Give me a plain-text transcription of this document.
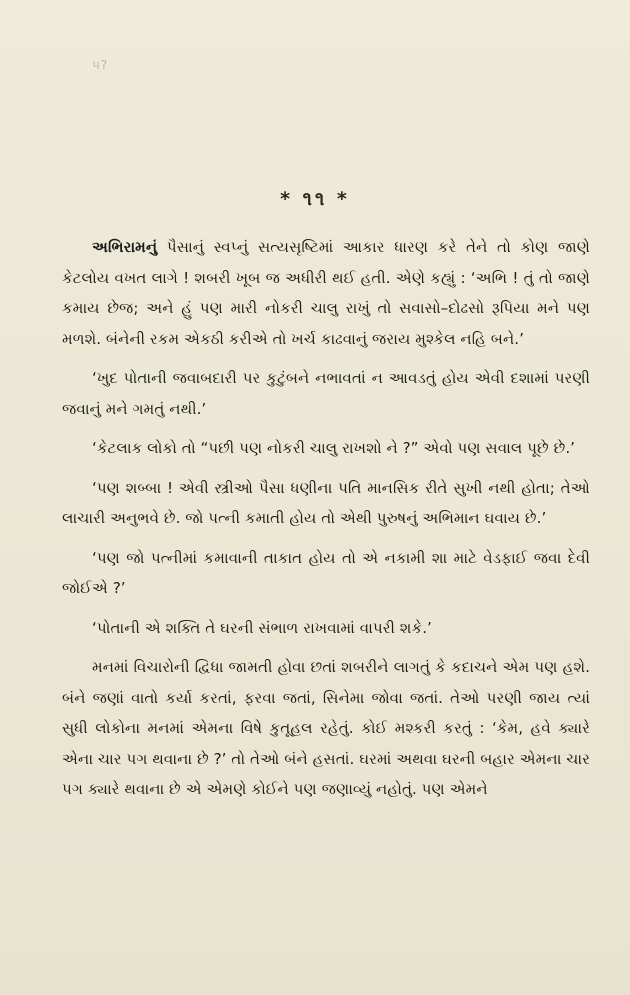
૫?
* ૧૧ *

અભિરામનું પૈસાનું સ્વપ્નું સત્યસૃષ્ટિમાં આકાર ધારણ કરે તેને તો કોણ જાણે કેટલોય વખત લાગે ! શબરી ખૂબ જ અધીરી થઈ હતી. એણે કહ્યું : ‘અભિ ! તું તો જાણે કમાય છેજ; અને હું પણ મારી નોકરી ચાલુ રાખું તો સવાસો–દોઢસો રૂપિયા મને પણ મળશે. બંનેની રકમ એકઠી કરીએ તો ખર્ચ કાઢવાનું જરાય મુશ્કેલ નહિ બને.’

‘ખુદ પોતાની જવાબદારી પર કુટુંબને નભાવતાં ન આવડતું હોય એવી દશામાં પરણી જવાનું મને ગમતું નથી.’

‘કેટલાક લોકો તો “પછી પણ નોકરી ચાલુ રાખશો ને ?” એવો પણ સવાલ પૂછે છે.’

‘પણ શબ્બા ! એવી સ્ત્રીઓ પૈસા ધણીના પતિ માનસિક રીતે સુખી નથી હોતા; તેઓ લાચારી અનુભવે છે. જો પત્ની કમાતી હોય તો એથી પુરુષનું અભિમાન ઘવાય છે.’

‘પણ જો પત્નીમાં કમાવાની તાકાત હોય તો એ નકામી શા માટે વેડફાઈ જવા દેવી જોઈએ ?’

‘પોતાની એ શક્તિ તે ઘરની સંભાળ રાખવામાં વાપરી શકે.’

મનમાં વિચારોની દ્વિધા જામતી હોવા છતાં શબરીને લાગતું કે કદાચને એમ પણ હશે. બંને જણાં વાતો કર્યા કરતાં, ફરવા જતાં, સિનેમા જોવા જતાં. તેઓ પરણી જાય ત્યાં સુધી લોકોના મનમાં એમના વિષે કુતૂહલ રહેતું. કોઈ મશ્કરી કરતું : ‘કેમ, હવે ક્યારે એના ચાર પગ થવાના છે ?’ તો તેઓ બંને હસતાં. ઘરમાં અથવા ઘરની બહાર એમના ચાર પગ ક્યારે થવાના છે એ એમણે કોઈને પણ જણાવ્યું નહોતું. પણ એમને
